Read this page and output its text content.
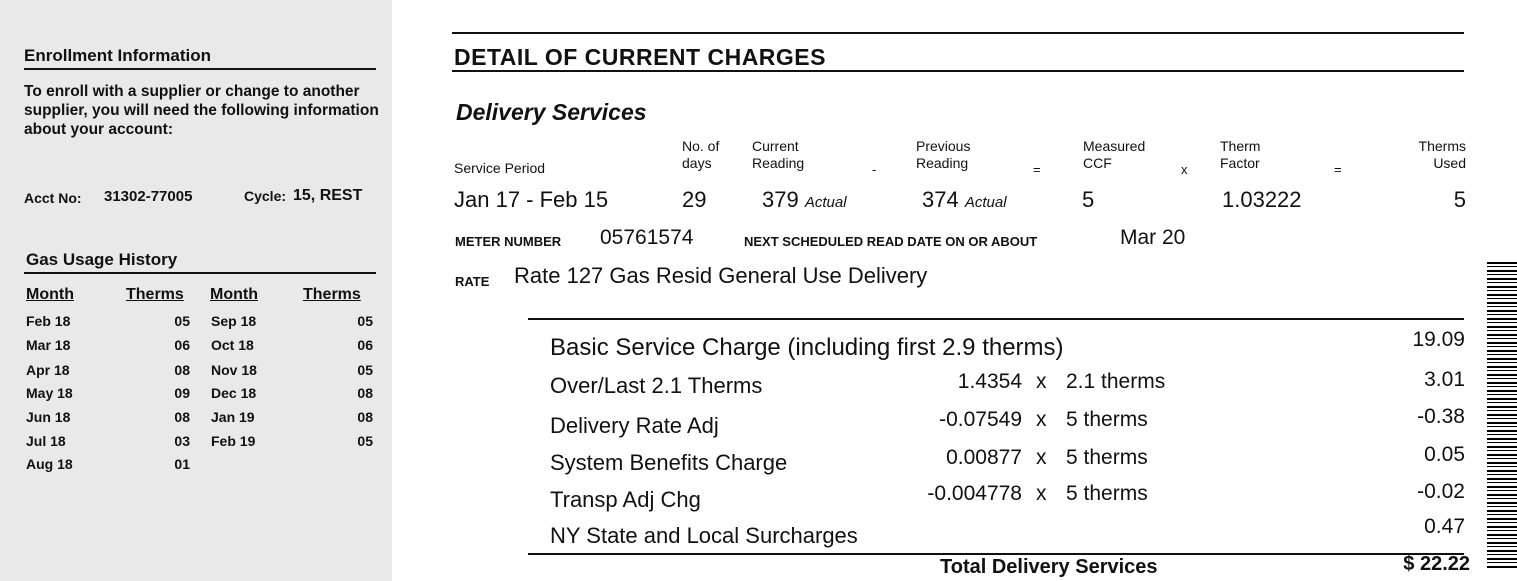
Enrollment Information
To enroll with a supplier or change to another supplier, you will need the following information about your account:
Acct No: 31302-77005	Cycle: 15, REST
Gas Usage History
Month	Therms Month	Therms
Feb 18	05 Sep 18	05
Mar 18	06 Oct 18	06
Apr 18	08 Nov 18	05
May 18	09 Dec 18	08
Jun 18	08 Jan 19	08
Jul 18	03 Feb 19	05
Aug 18	01
DETAIL OF CURRENT CHARGES
Delivery Services
Service Period
No. of
days
Current
Reading	-
Previous
Reading	=
Measured
CCF	x
Therm
Factor	=
Therms
Used
Jan 17 - Feb 15	29	379 Actual	374 Actual	5	1.03222	5
METER NUMBER 05761574	NEXT SCHEDULED READ DATE ON OR ABOUT	Mar 20
RATE Rate 127 Gas Resid General Use Delivery
Basic Service Charge (including first 2.9 therms)	19.09
Over/Last 2.1 Therms	1.4354 x 2.1 therms	3.01
Delivery Rate Adj	-0.07549 x 5 therms	-0.38
System Benefits Charge	0.00877 x 5 therms	0.05
Transp Adj Chg	-0.004778 x 5 therms	-0.02
NY State and Local Surcharges	0.47
Total Delivery Services	$ 22.22
